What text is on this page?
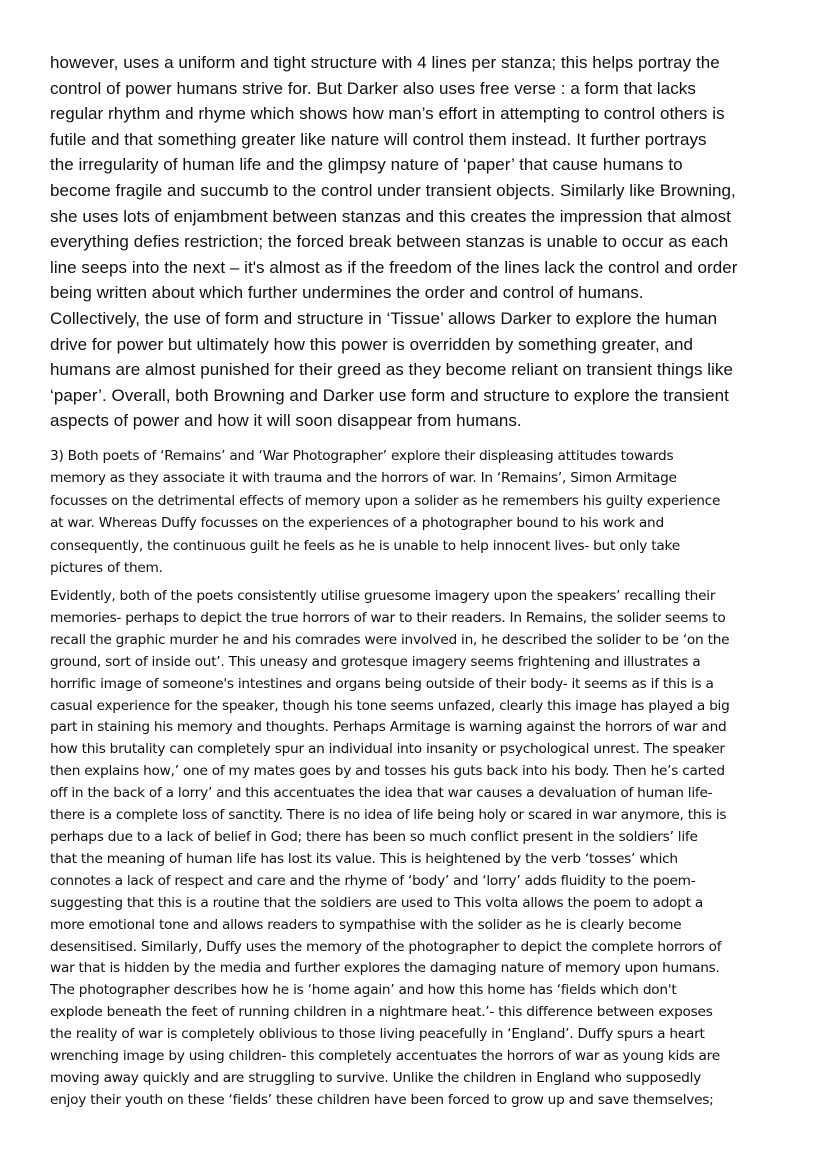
however, uses a uniform and tight structure with 4 lines per stanza; this helps portray the
control of power humans strive for. But Darker also uses free verse : a form that lacks
regular rhythm and rhyme which shows how man’s effort in attempting to control others is
futile and that something greater like nature will control them instead. It further portrays
the irregularity of human life and the glimpsy nature of ‘paper’ that cause humans to
become fragile and succumb to the control under transient objects. Similarly like Browning,
she uses lots of enjambment between stanzas and this creates the impression that almost
everything defies restriction; the forced break between stanzas is unable to occur as each
line seeps into the next – it's almost as if the freedom of the lines lack the control and order
being written about which further undermines the order and control of humans.
Collectively, the use of form and structure in ‘Tissue’ allows Darker to explore the human
drive for power but ultimately how this power is overridden by something greater, and
humans are almost punished for their greed as they become reliant on transient things like
‘paper’. Overall, both Browning and Darker use form and structure to explore the transient
aspects of power and how it will soon disappear from humans.

3) Both poets of ‘Remains’ and ‘War Photographer’ explore their displeasing attitudes towards
memory as they associate it with trauma and the horrors of war. In ‘Remains’, Simon Armitage
focusses on the detrimental effects of memory upon a solider as he remembers his guilty experience
at war. Whereas Duffy focusses on the experiences of a photographer bound to his work and
consequently, the continuous guilt he feels as he is unable to help innocent lives- but only take
pictures of them.

Evidently, both of the poets consistently utilise gruesome imagery upon the speakers’ recalling their
memories- perhaps to depict the true horrors of war to their readers. In Remains, the solider seems to
recall the graphic murder he and his comrades were involved in, he described the solider to be ‘on the
ground, sort of inside out’. This uneasy and grotesque imagery seems frightening and illustrates a
horrific image of someone's intestines and organs being outside of their body- it seems as if this is a
casual experience for the speaker, though his tone seems unfazed, clearly this image has played a big
part in staining his memory and thoughts. Perhaps Armitage is warning against the horrors of war and
how this brutality can completely spur an individual into insanity or psychological unrest. The speaker
then explains how,’ one of my mates goes by and tosses his guts back into his body. Then he’s carted
off in the back of a lorry’ and this accentuates the idea that war causes a devaluation of human life-
there is a complete loss of sanctity. There is no idea of life being holy or scared in war anymore, this is
perhaps due to a lack of belief in God; there has been so much conflict present in the soldiers’ life
that the meaning of human life has lost its value. This is heightened by the verb ‘tosses’ which
connotes a lack of respect and care and the rhyme of ‘body’ and ‘lorry’ adds fluidity to the poem-
suggesting that this is a routine that the soldiers are used to This volta allows the poem to adopt a
more emotional tone and allows readers to sympathise with the solider as he is clearly become
desensitised. Similarly, Duffy uses the memory of the photographer to depict the complete horrors of
war that is hidden by the media and further explores the damaging nature of memory upon humans.
The photographer describes how he is ‘home again’ and how this home has ‘fields which don't
explode beneath the feet of running children in a nightmare heat.’- this difference between exposes
the reality of war is completely oblivious to those living peacefully in ‘England’. Duffy spurs a heart
wrenching image by using children- this completely accentuates the horrors of war as young kids are
moving away quickly and are struggling to survive. Unlike the children in England who supposedly
enjoy their youth on these ‘fields’ these children have been forced to grow up and save themselves;
